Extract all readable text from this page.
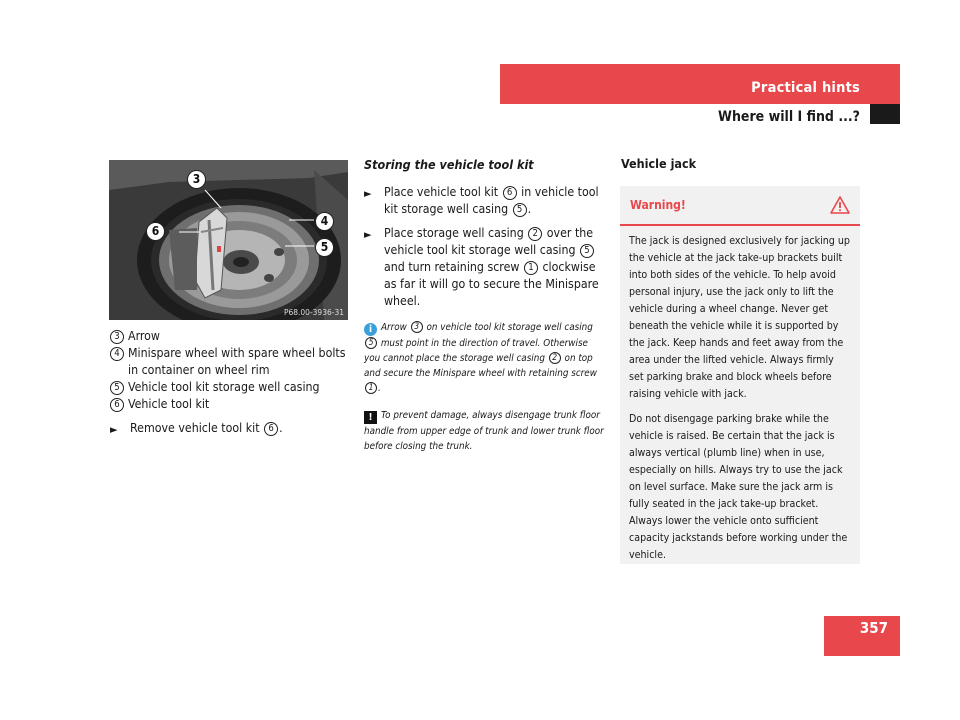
Practical hints
Where will I find ...?
3
4
6
5
P68.00-3936-31
3 Arrow
4 Minispare wheel with spare wheel bolts in container on wheel rim
5 Vehicle tool kit storage well casing
6 Vehicle tool kit
►	Remove vehicle tool kit 6 .
Storing the vehicle tool kit
►	Place vehicle tool kit 6 in vehicle tool kit storage well casing 5 .
►	Place storage well casing 2 over the vehicle tool kit storage well casing 5 and turn retaining screw 1 clockwise as far it will go to secure the Minispare wheel.
i Arrow 3 on vehicle tool kit storage well casing 5 must point in the direction of travel. Otherwise you cannot place the storage well casing 2 on top and secure the Minispare wheel with retaining screw 1 .
! To prevent damage, always disengage trunk floor handle from upper edge of trunk and lower trunk floor before closing the trunk.
Vehicle jack
Warning!

The jack is designed exclusively for jacking up the vehicle at the jack take-up brackets built into both sides of the vehicle. To help avoid personal injury, use the jack only to lift the vehicle during a wheel change. Never get beneath the vehicle while it is supported by the jack. Keep hands and feet away from the area under the lifted vehicle. Always firmly set parking brake and block wheels before raising vehicle with jack.

Do not disengage parking brake while the vehicle is raised. Be certain that the jack is always vertical (plumb line) when in use, especially on hills. Always try to use the jack on level surface. Make sure the jack arm is fully seated in the jack take-up bracket. Always lower the vehicle onto sufficient capacity jackstands before working under the vehicle.

357
